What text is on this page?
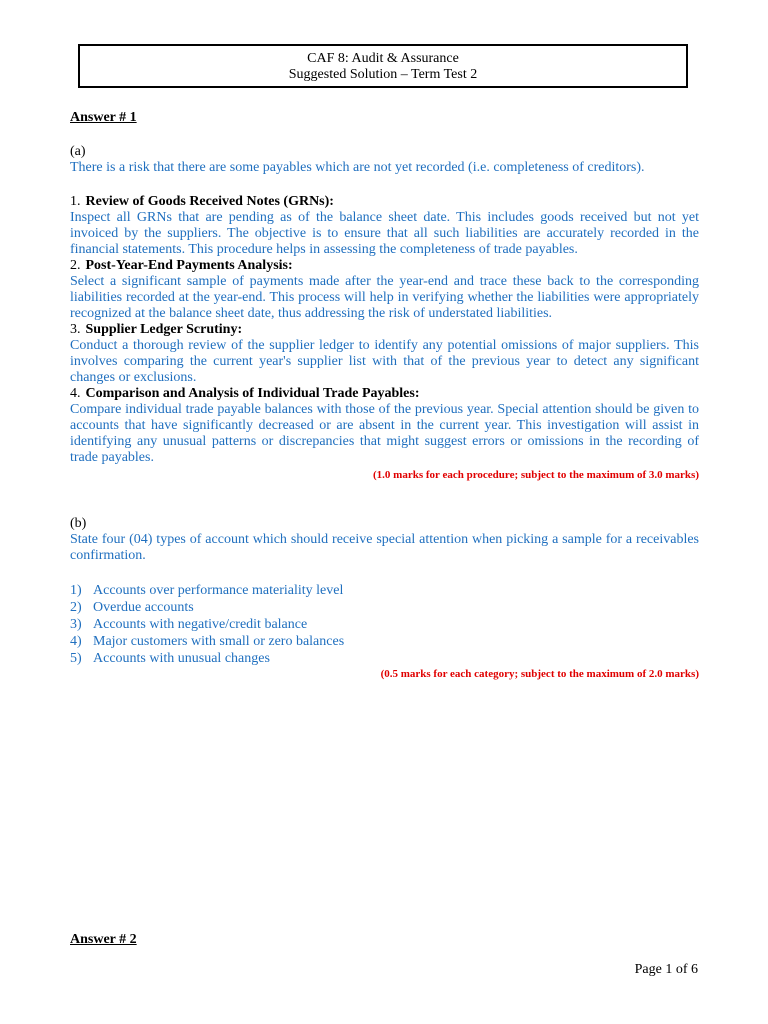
CAF 8: Audit & Assurance
Suggested Solution – Term Test 2
Answer # 1
(a)
There is a risk that there are some payables which are not yet recorded (i.e. completeness of creditors).
1. Review of Goods Received Notes (GRNs):
Inspect all GRNs that are pending as of the balance sheet date. This includes goods received but not yet invoiced by the suppliers. The objective is to ensure that all such liabilities are accurately recorded in the financial statements. This procedure helps in assessing the completeness of trade payables.
2. Post-Year-End Payments Analysis:
Select a significant sample of payments made after the year-end and trace these back to the corresponding liabilities recorded at the year-end. This process will help in verifying whether the liabilities were appropriately recognized at the balance sheet date, thus addressing the risk of understated liabilities.
3. Supplier Ledger Scrutiny:
Conduct a thorough review of the supplier ledger to identify any potential omissions of major suppliers. This involves comparing the current year's supplier list with that of the previous year to detect any significant changes or exclusions.
4. Comparison and Analysis of Individual Trade Payables:
Compare individual trade payable balances with those of the previous year. Special attention should be given to accounts that have significantly decreased or are absent in the current year. This investigation will assist in identifying any unusual patterns or discrepancies that might suggest errors or omissions in the recording of trade payables.
(1.0 marks for each procedure; subject to the maximum of 3.0 marks)
(b)
State four (04) types of account which should receive special attention when picking a sample for a receivables confirmation.
1) Accounts over performance materiality level
2) Overdue accounts
3) Accounts with negative/credit balance
4) Major customers with small or zero balances
5) Accounts with unusual changes
(0.5 marks for each category; subject to the maximum of 2.0 marks)
Answer # 2
Page 1 of 6
